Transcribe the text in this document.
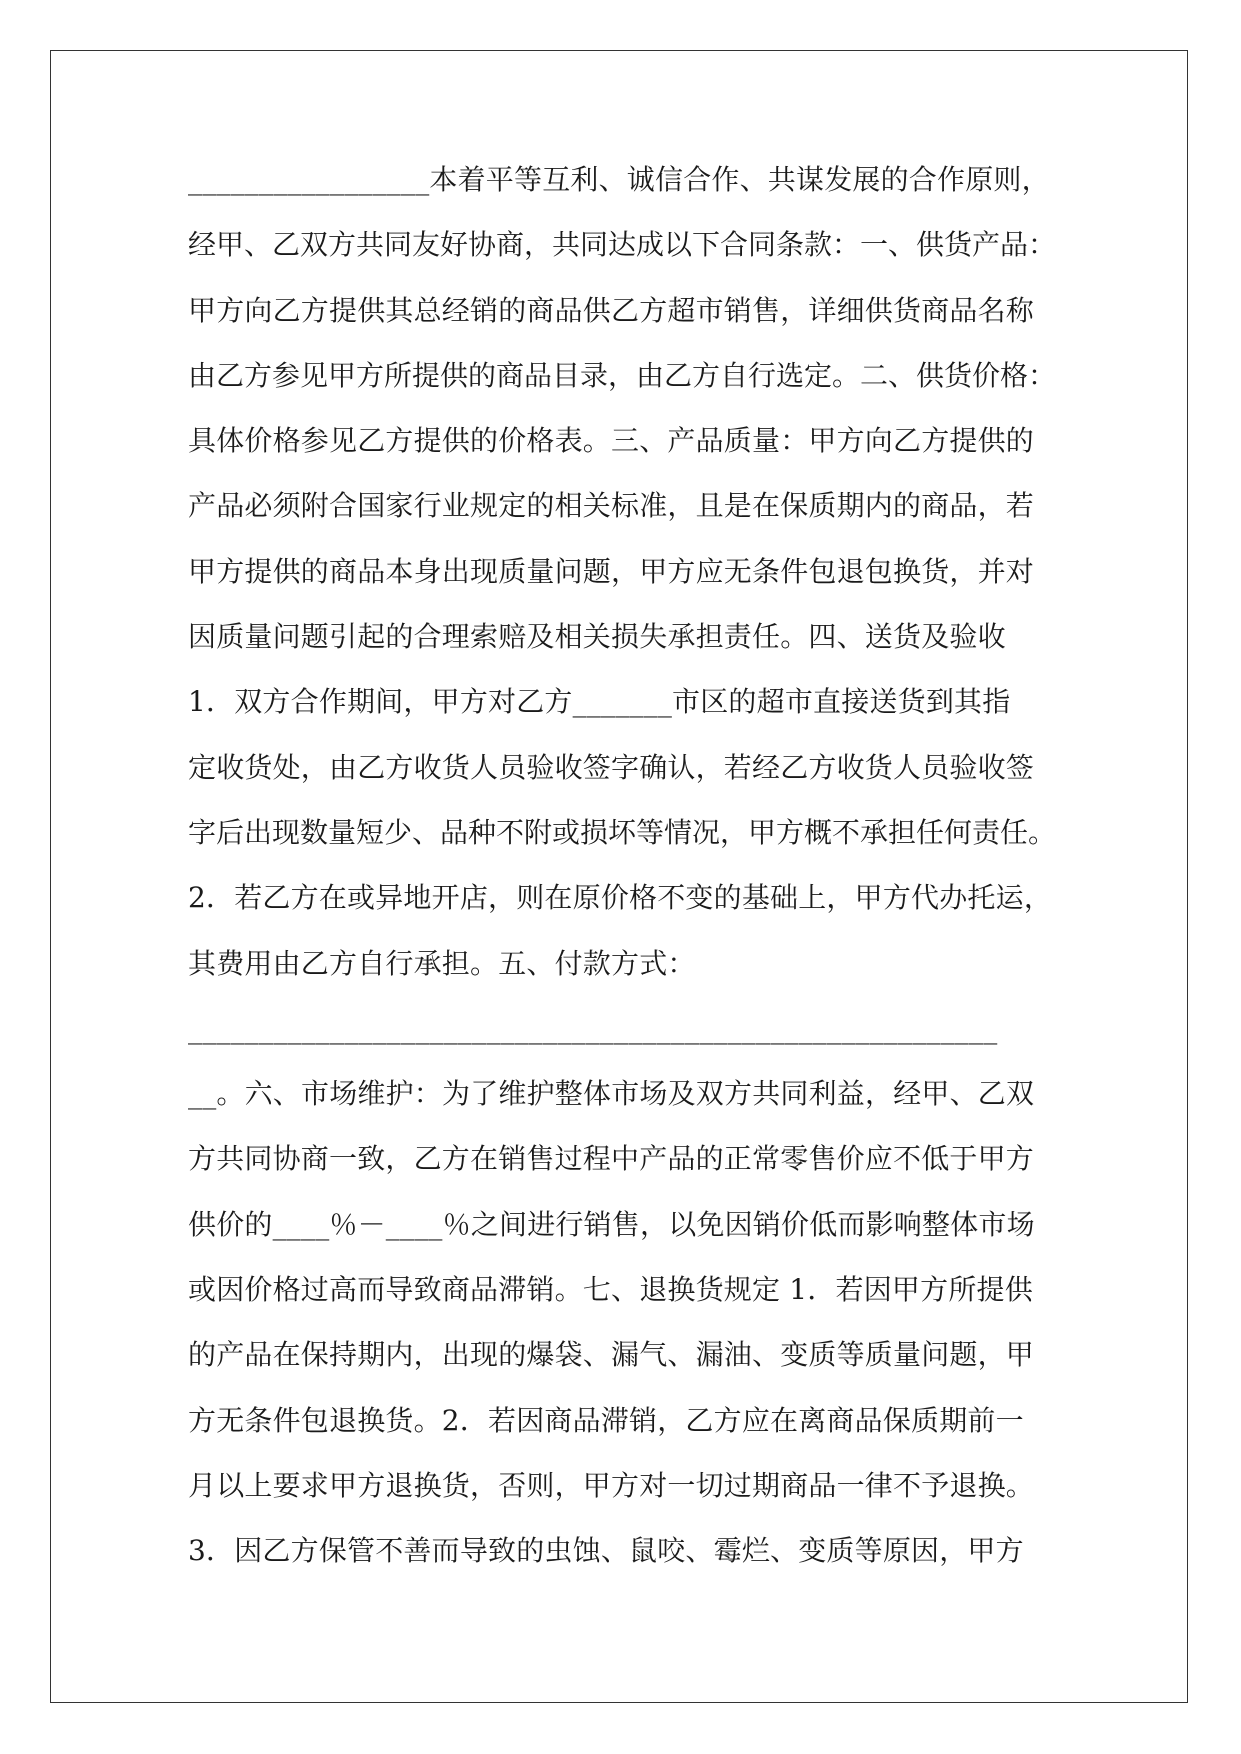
_________________本着平等互利、诚信合作、共谋发展的合作原则，
经甲、乙双方共同友好协商，共同达成以下合同条款：一、供货产品：
甲方向乙方提供其总经销的商品供乙方超市销售，详细供货商品名称
由乙方参见甲方所提供的商品目录，由乙方自行选定。二、供货价格：
具体价格参见乙方提供的价格表。三、产品质量：甲方向乙方提供的
产品必须附合国家行业规定的相关标准，且是在保质期内的商品，若
甲方提供的商品本身出现质量问题，甲方应无条件包退包换货，并对
因质量问题引起的合理索赔及相关损失承担责任。四、送货及验收
1．双方合作期间，甲方对乙方_______市区的超市直接送货到其指
定收货处，由乙方收货人员验收签字确认，若经乙方收货人员验收签
字后出现数量短少、品种不附或损坏等情况，甲方概不承担任何责任。
2．若乙方在或异地开店，则在原价格不变的基础上，甲方代办托运，
其费用由乙方自行承担。五、付款方式：
_________________________________________________________
__。六、市场维护：为了维护整体市场及双方共同利益，经甲、乙双
方共同协商一致，乙方在销售过程中产品的正常零售价应不低于甲方
供价的____％－____％之间进行销售，以免因销价低而影响整体市场
或因价格过高而导致商品滞销。七、退换货规定 1．若因甲方所提供
的产品在保持期内，出现的爆袋、漏气、漏油、变质等质量问题，甲
方无条件包退换货。2．若因商品滞销，乙方应在离商品保质期前一
月以上要求甲方退换货，否则，甲方对一切过期商品一律不予退换。
3．因乙方保管不善而导致的虫蚀、鼠咬、霉烂、变质等原因，甲方
